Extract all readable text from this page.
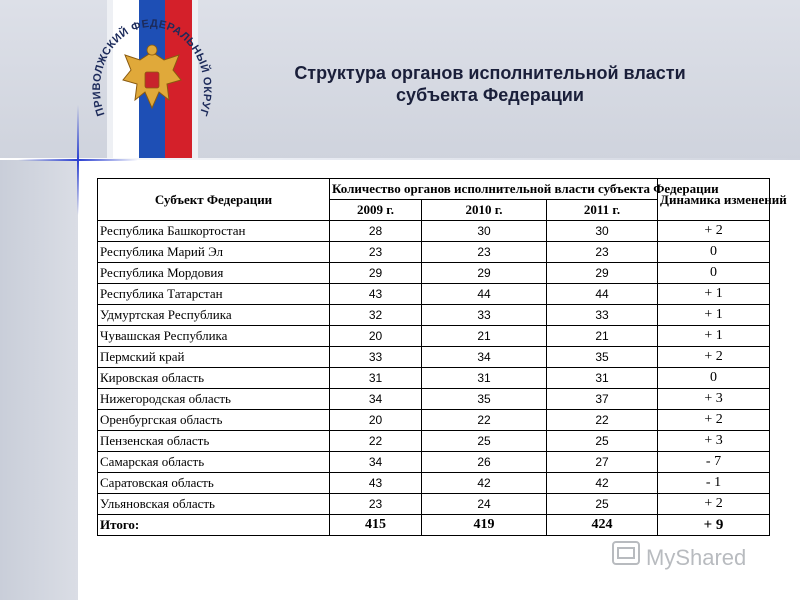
ПРИВОЛЖСКИЙ ФЕДЕРАЛЬНЫЙ ОКРУГ
Структура органов исполнительной власти
субъекта Федерации
Субъект Федерации	Количество органов исполнительной власти субъекта Федерации			Динамика изменений
	2009 г.	2010 г.	2011 г.	
Республика Башкортостан	28	30	30	+ 2
Республика Марий Эл	23	23	23	0
Республика Мордовия	29	29	29	0
Республика Татарстан	43	44	44	+ 1
Удмуртская Республика	32	33	33	+ 1
Чувашская Республика	20	21	21	+ 1
Пермский край	33	34	35	+ 2
Кировская область	31	31	31	0
Нижегородская область	34	35	37	+ 3
Оренбургская область	20	22	22	+ 2
Пензенская область	22	25	25	+ 3
Самарская область	34	26	27	- 7
Саратовская область	43	42	42	- 1
Ульяновская область	23	24	25	+ 2
Итого:	415	419	424	+ 9
MyShared
